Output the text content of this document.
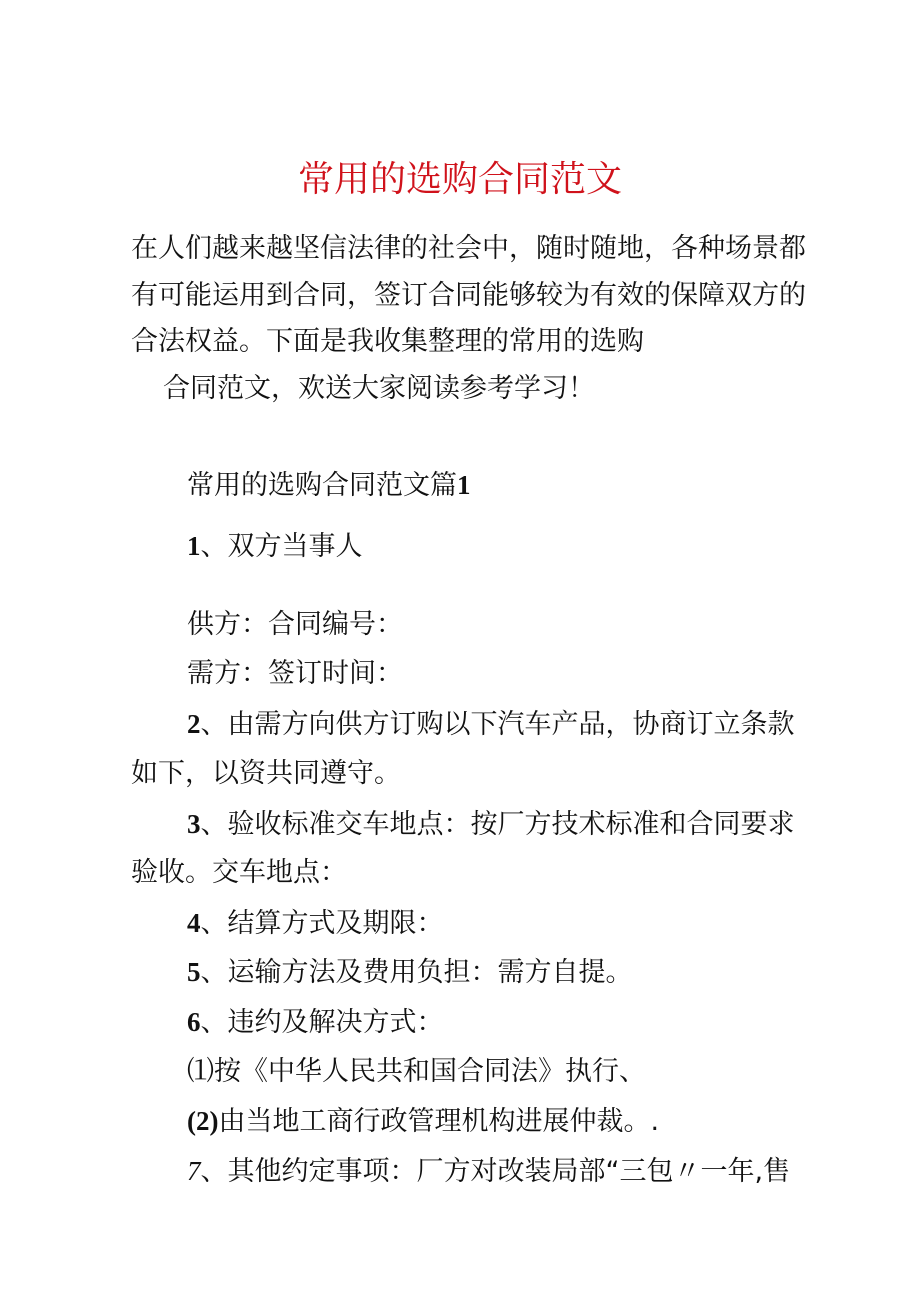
常用的选购合同范文
在人们越来越坚信法律的社会中，随时随地，各种场景都
有可能运用到合同，签订合同能够较为有效的保障双方的
合法权益。下面是我收集整理的常用的选购
合同范文，欢送大家阅读参考学习！
常用的选购合同范文篇1
1、双方当事人
供方：合同编号：
需方：签订时间：
2、由需方向供方订购以下汽车产品，协商订立条款
如下，以资共同遵守。
3、验收标准交车地点：按厂方技术标准和合同要求
验收。交车地点：
4、结算方式及期限：
5、运输方法及费用负担：需方自提。
6、违约及解决方式：
⑴按《中华人民共和国合同法》执行、
(2)由当地工商行政管理机构进展仲裁。.
7、其他约定事项：厂方对改装局部“三包〃一年,售
